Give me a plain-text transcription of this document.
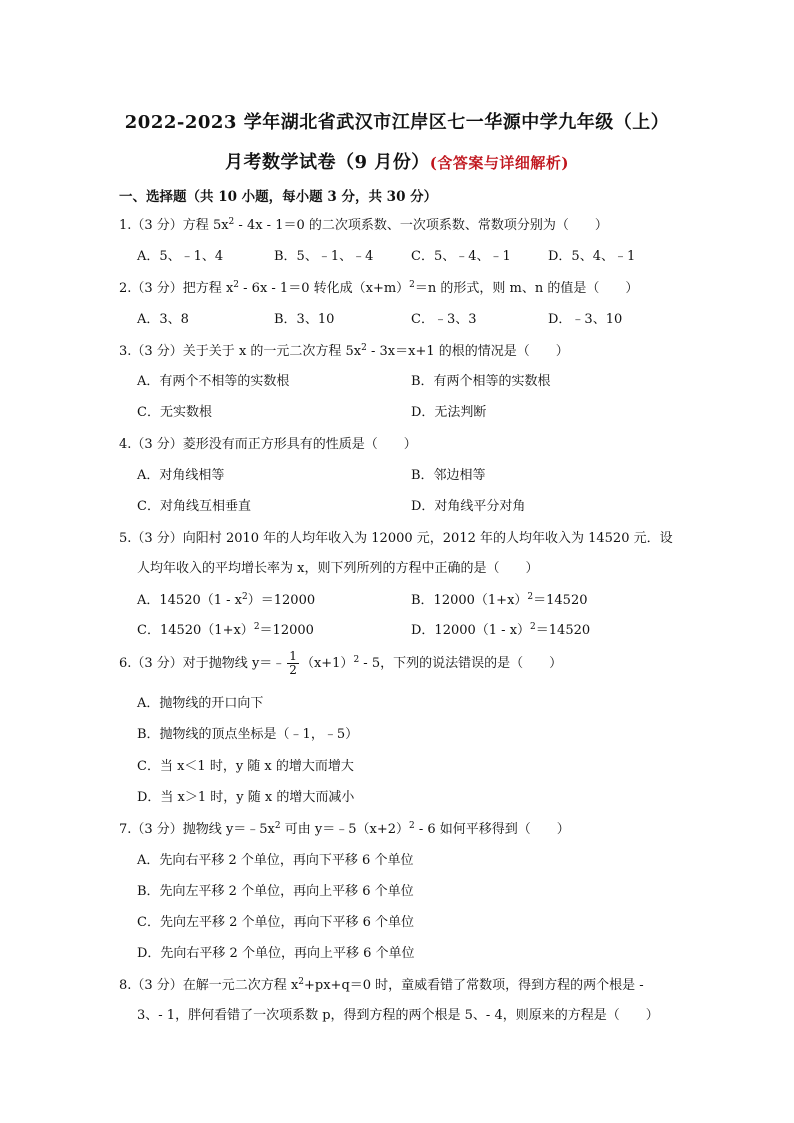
2022-2023 学年湖北省武汉市江岸区七一华源中学九年级（上）
月考数学试卷（9 月份）(含答案与详细解析)
一、选择题（共 10 小题，每小题 3 分，共 30 分）
1.（3 分）方程 $5x^2 - 4x - 1=0$ 的二次项系数、一次项系数、常数项分别为（　　）
A．5、﹣1、4	B．5、﹣1、﹣4	C．5、﹣4、﹣1	D．5、4、﹣1
2.（3 分）把方程 $x^2 - 6x - 1=0$ 转化成$(x+m)^2=n$ 的形式，则 m、n 的值是（　　）
A．3、8	B．3、10	C．﹣3、3	D．﹣3、10
3.（3 分）关于关于 x 的一元二次方程 $5x^2 - 3x=x+1$ 的根的情况是（　　）
A．有两个不相等的实数根	B．有两个相等的实数根
C．无实数根	D．无法判断
4.（3 分）菱形没有而正方形具有的性质是（　　）
A．对角线相等	B．邻边相等
C．对角线互相垂直	D．对角线平分对角
5.（3 分）向阳村 2010 年的人均年收入为 12000 元，2012 年的人均年收入为 14520 元．设
人均年收入的平均增长率为 x，则下列所列的方程中正确的是（　　）
A．$14520(1 - x^2)=12000$	B．$12000(1+x)^2=14520$
C．$14520(1+x)^2=12000$	D．12000（1 - x）$^2$＝14520
6.（3 分）对于抛物线 y＝﹣ $\frac{1}{2} (x+1)^2 - 5$，下列的说法错误的是（　　）
A．抛物线的开口向下
B．抛物线的顶点坐标是（﹣1，﹣5）
C．当 x＜1 时，y 随 x 的增大而增大
D．当 x＞1 时，y 随 x 的增大而减小
7.（3 分）抛物线 $y=﹣5x^2$ 可由 $y=﹣5(x+2)^2 - 6$ 如何平移得到（　　）
A．先向右平移 2 个单位，再向下平移 6 个单位
B．先向左平移 2 个单位，再向上平移 6 个单位
C．先向左平移 2 个单位，再向下平移 6 个单位
D．先向右平移 2 个单位，再向上平移 6 个单位
8.（3 分）在解一元二次方程 $x^2+px+q=0$ 时，童威看错了常数项，得到方程的两个根是 -
3、- 1，胖何看错了一次项系数 p，得到方程的两个根是 5、- 4，则原来的方程是（　　）
